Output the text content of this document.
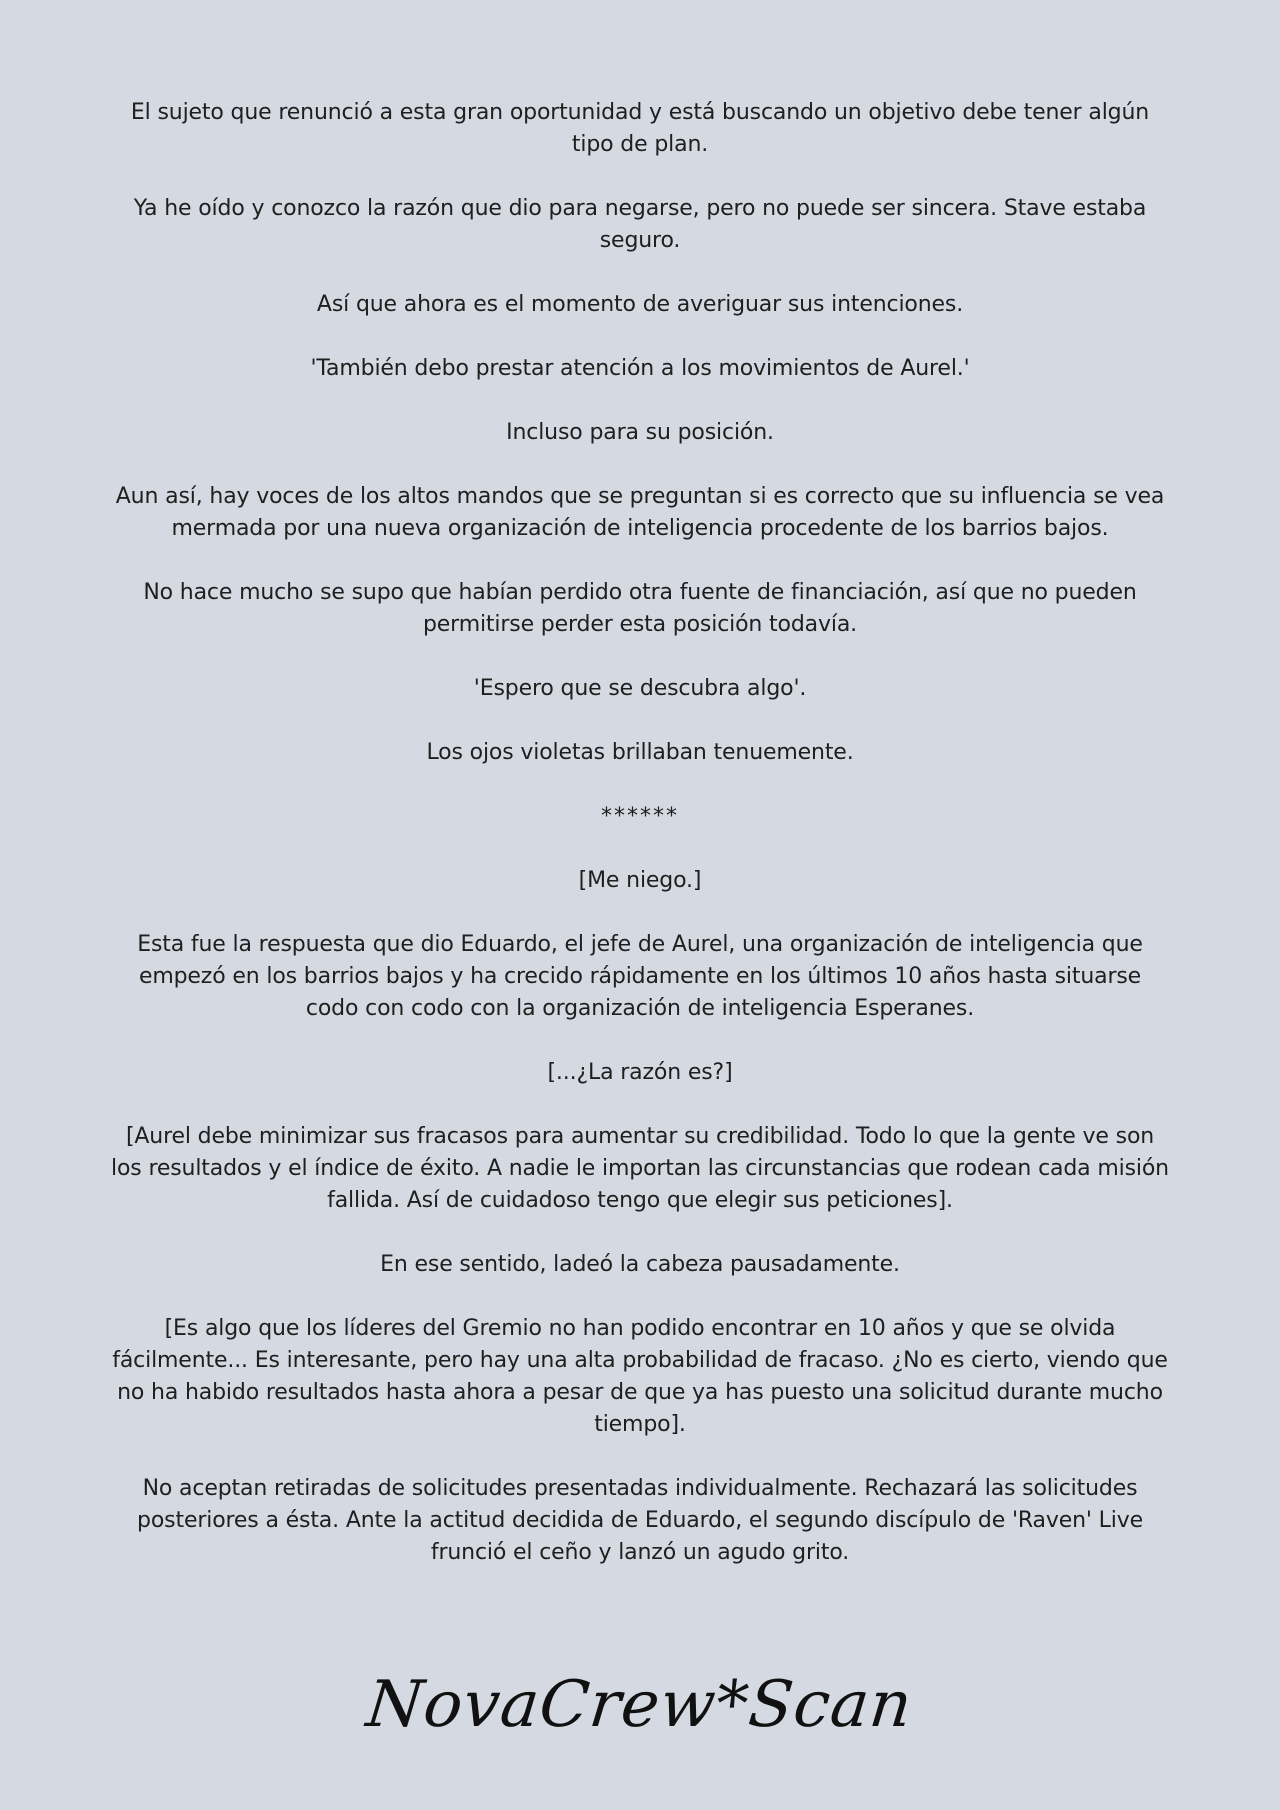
El sujeto que renunció a esta gran oportunidad y está buscando un objetivo debe tener algún
tipo de plan.

Ya he oído y conozco la razón que dio para negarse, pero no puede ser sincera. Stave estaba
seguro.

Así que ahora es el momento de averiguar sus intenciones.

'También debo prestar atención a los movimientos de Aurel.'

Incluso para su posición.

Aun así, hay voces de los altos mandos que se preguntan si es correcto que su influencia se vea
mermada por una nueva organización de inteligencia procedente de los barrios bajos.

No hace mucho se supo que habían perdido otra fuente de financiación, así que no pueden
permitirse perder esta posición todavía.

'Espero que se descubra algo'.

Los ojos violetas brillaban tenuemente.

******

[Me niego.]

Esta fue la respuesta que dio Eduardo, el jefe de Aurel, una organización de inteligencia que
empezó en los barrios bajos y ha crecido rápidamente en los últimos 10 años hasta situarse
codo con codo con la organización de inteligencia Esperanes.

[...¿La razón es?]

[Aurel debe minimizar sus fracasos para aumentar su credibilidad. Todo lo que la gente ve son
los resultados y el índice de éxito. A nadie le importan las circunstancias que rodean cada misión
fallida. Así de cuidadoso tengo que elegir sus peticiones].

En ese sentido, ladeó la cabeza pausadamente.

[Es algo que los líderes del Gremio no han podido encontrar en 10 años y que se olvida
fácilmente... Es interesante, pero hay una alta probabilidad de fracaso. ¿No es cierto, viendo que
no ha habido resultados hasta ahora a pesar de que ya has puesto una solicitud durante mucho
tiempo].

No aceptan retiradas de solicitudes presentadas individualmente. Rechazará las solicitudes
posteriores a ésta. Ante la actitud decidida de Eduardo, el segundo discípulo de 'Raven' Live
frunció el ceño y lanzó un agudo grito.

NovaCrew*Scan
